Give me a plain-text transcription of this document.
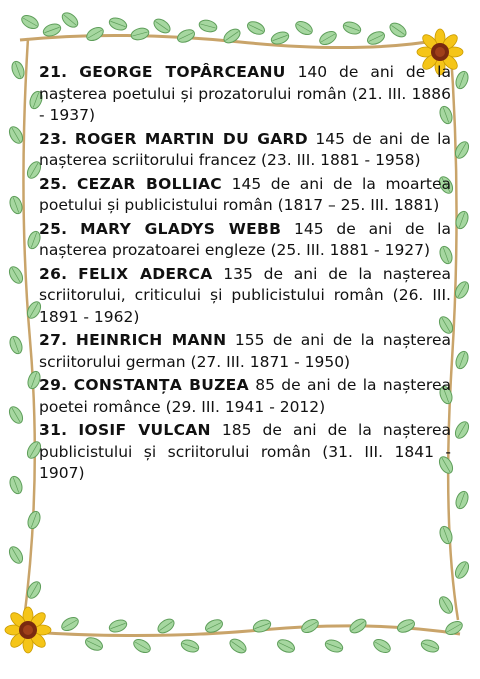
21. GEORGE TOPÂRCEANU 140 de ani de la nașterea poetului și prozatorului român (21. III. 1886 - 1937)

23. ROGER MARTIN DU GARD 145 de ani de la nașterea scriitorului francez (23. III. 1881 - 1958)

25. CEZAR BOLLIAC 145 de ani de la moartea poetului și publicistului român (1817 – 25. III. 1881)

25. MARY GLADYS WEBB 145 de ani de la nașterea prozatoarei engleze (25. III. 1881 - 1927)

26. FELIX ADERCA 135 de ani de la nașterea scriitorului, criticului și publicistului român (26. III. 1891 - 1962)

27. HEINRICH MANN 155 de ani de la nașterea scriitorului german (27. III. 1871 - 1950)

29. CONSTANȚA BUZEA 85 de ani de la nașterea poetei românce (29. III. 1941 - 2012)

31. IOSIF VULCAN 185 de ani de la nașterea publicistului și scriitorului român (31. III. 1841 - 1907)
